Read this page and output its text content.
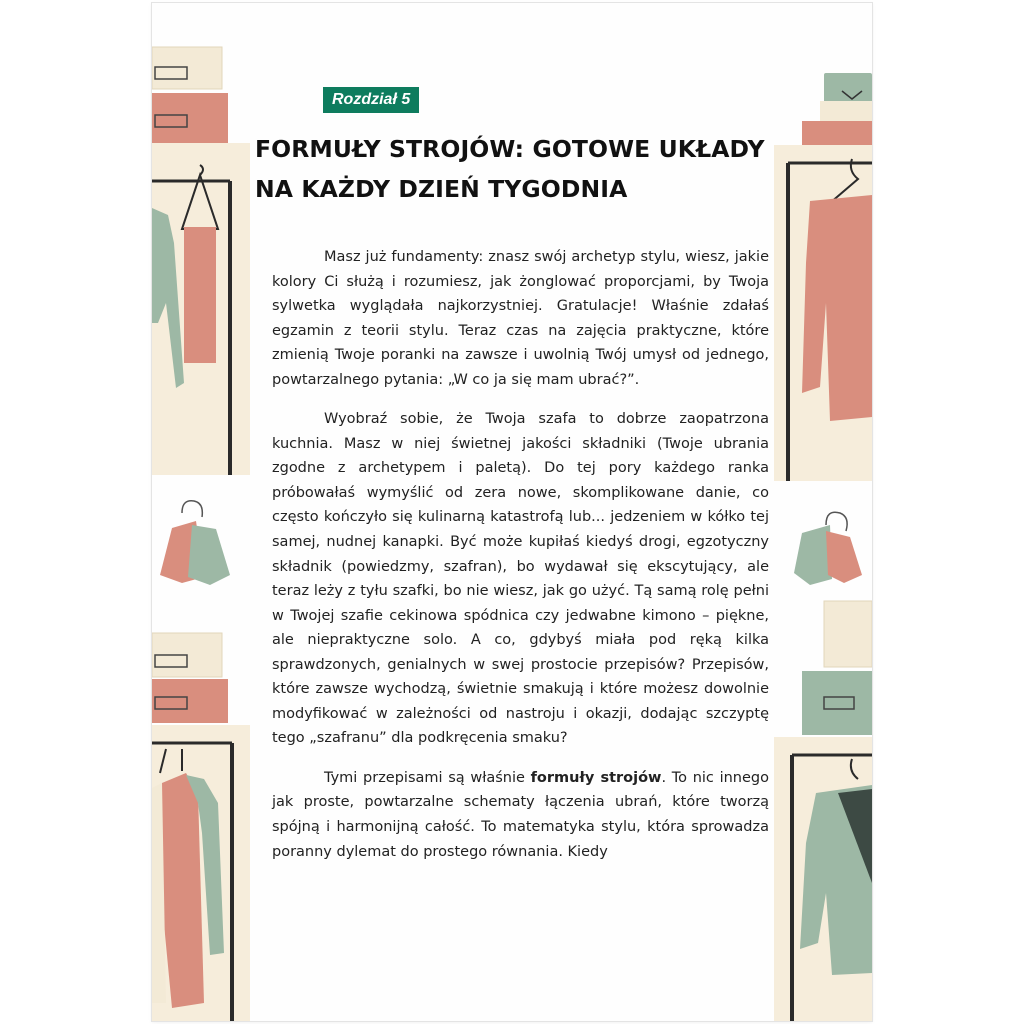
Rozdział 5
FORMUŁY STROJÓW: GOTOWE UKŁADY NA KAŻDY DZIEŃ TYGODNIA

Masz już fundamenty: znasz swój archetyp stylu, wiesz, jakie kolory Ci służą i rozumiesz, jak żonglować proporcjami, by Twoja sylwetka wyglądała najkorzystniej. Gratulacje! Właśnie zdałaś egzamin z teorii stylu. Teraz czas na zajęcia praktyczne, które zmienią Twoje poranki na zawsze i uwolnią Twój umysł od jednego, powtarzalnego pytania: „W co ja się mam ubrać?”.

Wyobraź sobie, że Twoja szafa to dobrze zaopatrzona kuchnia. Masz w niej świetnej jakości składniki (Twoje ubrania zgodne z archetypem i paletą). Do tej pory każdego ranka próbowałaś wymyślić od zera nowe, skomplikowane danie, co często kończyło się kulinarną katastrofą lub... jedzeniem w kółko tej samej, nudnej kanapki. Być może kupiłaś kiedyś drogi, egzotyczny składnik (powiedzmy, szafran), bo wydawał się ekscytujący, ale teraz leży z tyłu szafki, bo nie wiesz, jak go użyć. Tą samą rolę pełni w Twojej szafie cekinowa spódnica czy jedwabne kimono – piękne, ale niepraktyczne solo. A co, gdybyś miała pod ręką kilka sprawdzonych, genialnych w swej prostocie przepisów? Przepisów, które zawsze wychodzą, świetnie smakują i które możesz dowolnie modyfikować w zależności od nastroju i okazji, dodając szczyptę tego „szafranu” dla podkręcenia smaku?

Tymi przepisami są właśnie formuły strojów. To nic innego jak proste, powtarzalne schematy łączenia ubrań, które tworzą spójną i harmonijną całość. To matematyka stylu, która sprowadza poranny dylemat do prostego równania. Kiedy
